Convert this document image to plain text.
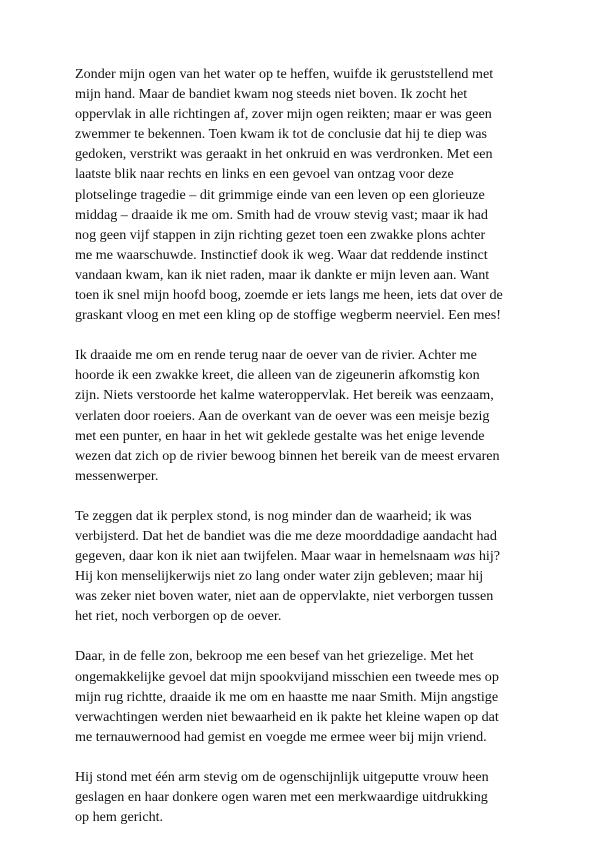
Zonder mijn ogen van het water op te heffen, wuifde ik geruststellend met
mijn hand. Maar de bandiet kwam nog steeds niet boven. Ik zocht het
oppervlak in alle richtingen af, zover mijn ogen reikten; maar er was geen
zwemmer te bekennen. Toen kwam ik tot de conclusie dat hij te diep was
gedoken, verstrikt was geraakt in het onkruid en was verdronken. Met een
laatste blik naar rechts en links en een gevoel van ontzag voor deze
plotselinge tragedie – dit grimmige einde van een leven op een glorieuze
middag – draaide ik me om. Smith had de vrouw stevig vast; maar ik had
nog geen vijf stappen in zijn richting gezet toen een zwakke plons achter
me me waarschuwde. Instinctief dook ik weg. Waar dat reddende instinct
vandaan kwam, kan ik niet raden, maar ik dankte er mijn leven aan. Want
toen ik snel mijn hoofd boog, zoemde er iets langs me heen, iets dat over de
graskant vloog en met een kling op de stoffige wegberm neerviel. Een mes!
Ik draaide me om en rende terug naar de oever van de rivier. Achter me
hoorde ik een zwakke kreet, die alleen van de zigeunerin afkomstig kon
zijn. Niets verstoorde het kalme wateroppervlak. Het bereik was eenzaam,
verlaten door roeiers. Aan de overkant van de oever was een meisje bezig
met een punter, en haar in het wit geklede gestalte was het enige levende
wezen dat zich op de rivier bewoog binnen het bereik van de meest ervaren
messenwerper.
Te zeggen dat ik perplex stond, is nog minder dan de waarheid; ik was
verbijsterd. Dat het de bandiet was die me deze moorddadige aandacht had
gegeven, daar kon ik niet aan twijfelen. Maar waar in hemelsnaam was hij?
Hij kon menselijkerwijs niet zo lang onder water zijn gebleven; maar hij
was zeker niet boven water, niet aan de oppervlakte, niet verborgen tussen
het riet, noch verborgen op de oever.
Daar, in de felle zon, bekroop me een besef van het griezelige. Met het
ongemakkelijke gevoel dat mijn spookvijand misschien een tweede mes op
mijn rug richtte, draaide ik me om en haastte me naar Smith. Mijn angstige
verwachtingen werden niet bewaarheid en ik pakte het kleine wapen op dat
me ternauwernood had gemist en voegde me ermee weer bij mijn vriend.
Hij stond met één arm stevig om de ogenschijnlijk uitgeputte vrouw heen
geslagen en haar donkere ogen waren met een merkwaardige uitdrukking
op hem gericht.
